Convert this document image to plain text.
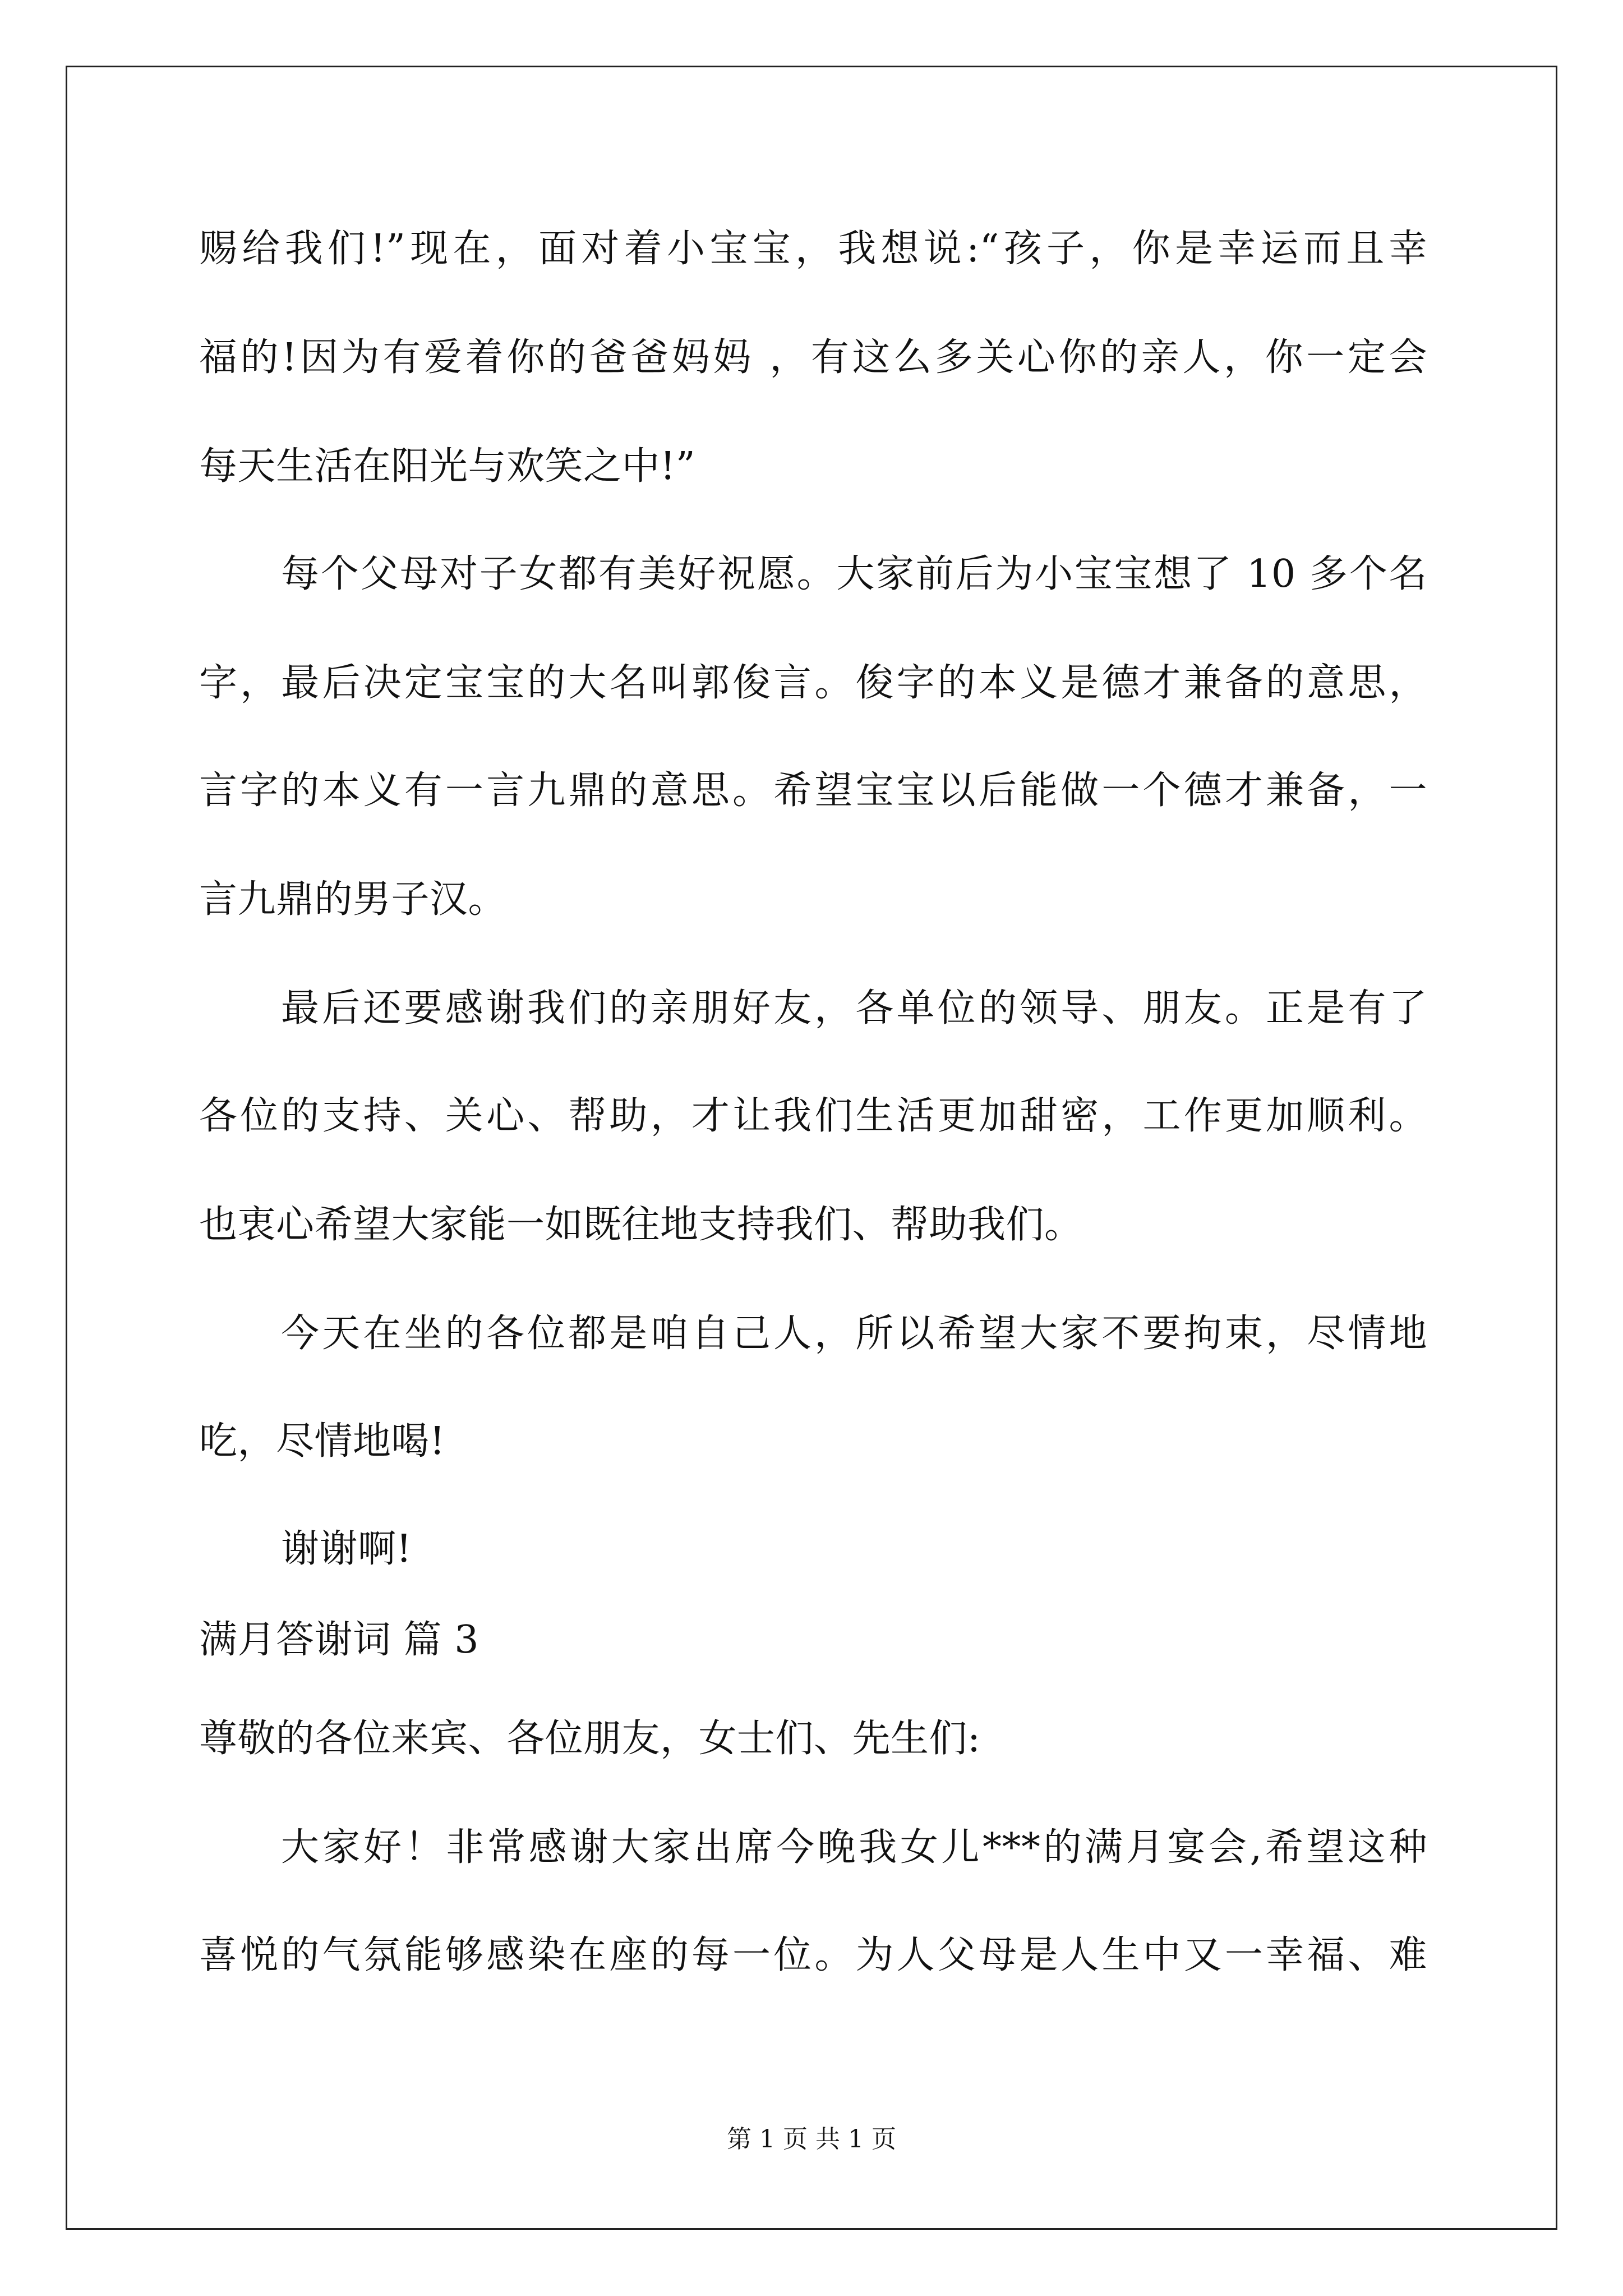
赐给我们!”现在，面对着小宝宝，我想说:“孩子，你是幸运而且幸
福的!因为有爱着你的爸爸妈妈 ，有这么多关心你的亲人，你一定会
每天生活在阳光与欢笑之中!”
每个父母对子女都有美好祝愿。大家前后为小宝宝想了 10 多个名
字，最后决定宝宝的大名叫郭俊言。俊字的本义是德才兼备的意思，
言字的本义有一言九鼎的意思。希望宝宝以后能做一个德才兼备，一
言九鼎的男子汉。
最后还要感谢我们的亲朋好友，各单位的领导、朋友。正是有了
各位的支持、关心、帮助，才让我们生活更加甜密，工作更加顺利。
也衷心希望大家能一如既往地支持我们、帮助我们。
今天在坐的各位都是咱自己人，所以希望大家不要拘束，尽情地
吃，尽情地喝!
谢谢啊!
满月答谢词 篇 3
尊敬的各位来宾、各位朋友，女士们、先生们:
大家好！非常感谢大家出席今晚我女儿***的满月宴会,希望这种
喜悦的气氛能够感染在座的每一位。为人父母是人生中又一幸福、难
第 1 页 共 1 页
